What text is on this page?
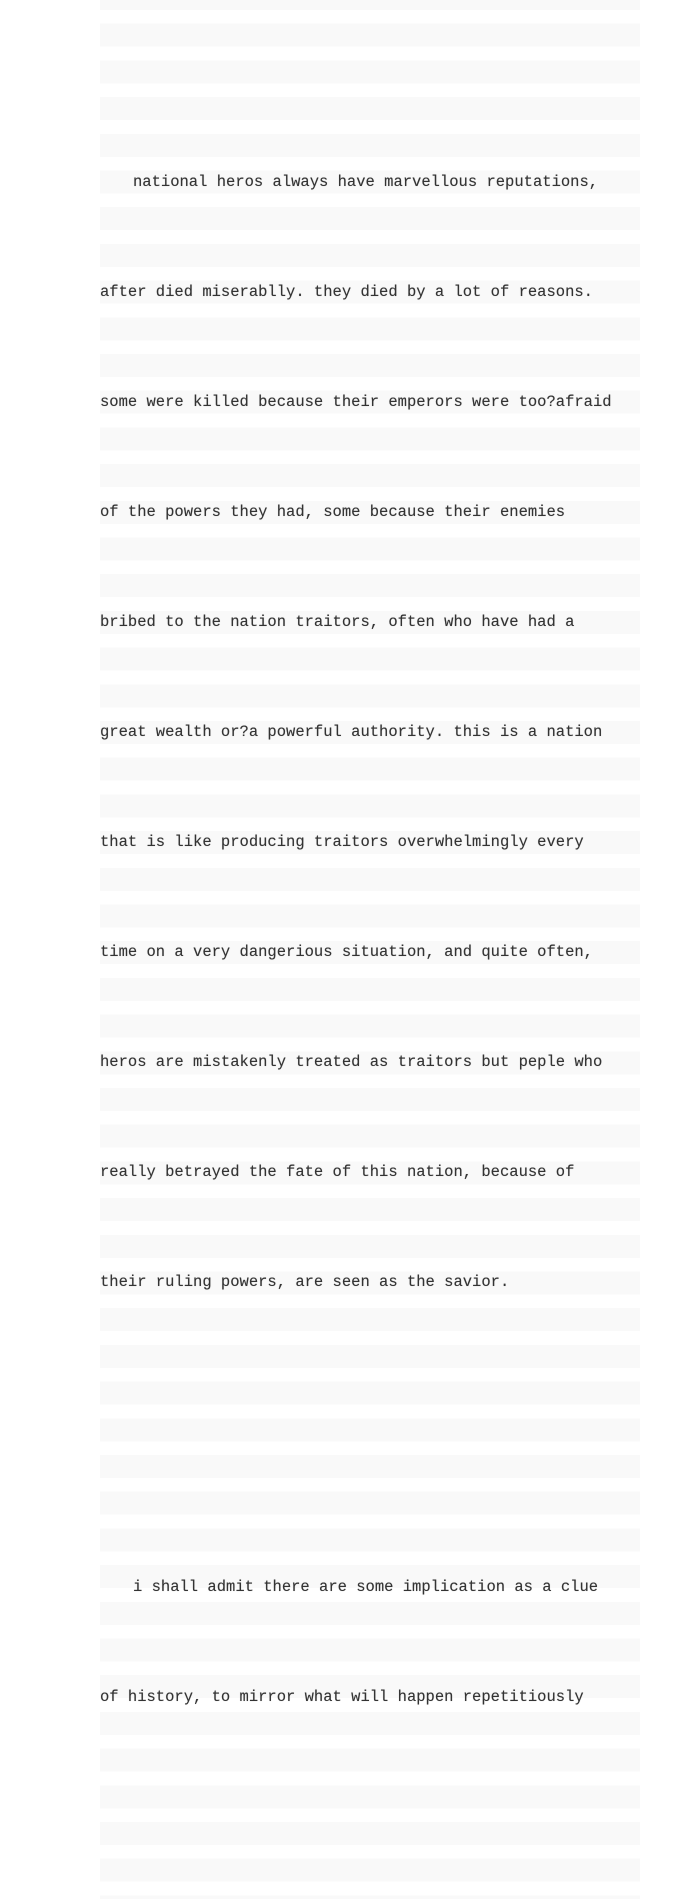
national heros always have marvellous reputations,

after died miserablly. they died by a lot of reasons.

some were killed because their emperors were too?afraid

of the powers they had, some because their enemies

bribed to the nation traitors, often who have had a

great wealth or?a powerful authority. this is a nation

that is like producing traitors overwhelmingly every

time on a very dangerious situation, and quite often,

heros are mistakenly treated as traitors but peple who

really betrayed the fate of this nation, because of

their ruling powers, are seen as the savior.

i shall admit there are some implication as a clue

of history, to mirror what will happen repetitiously
